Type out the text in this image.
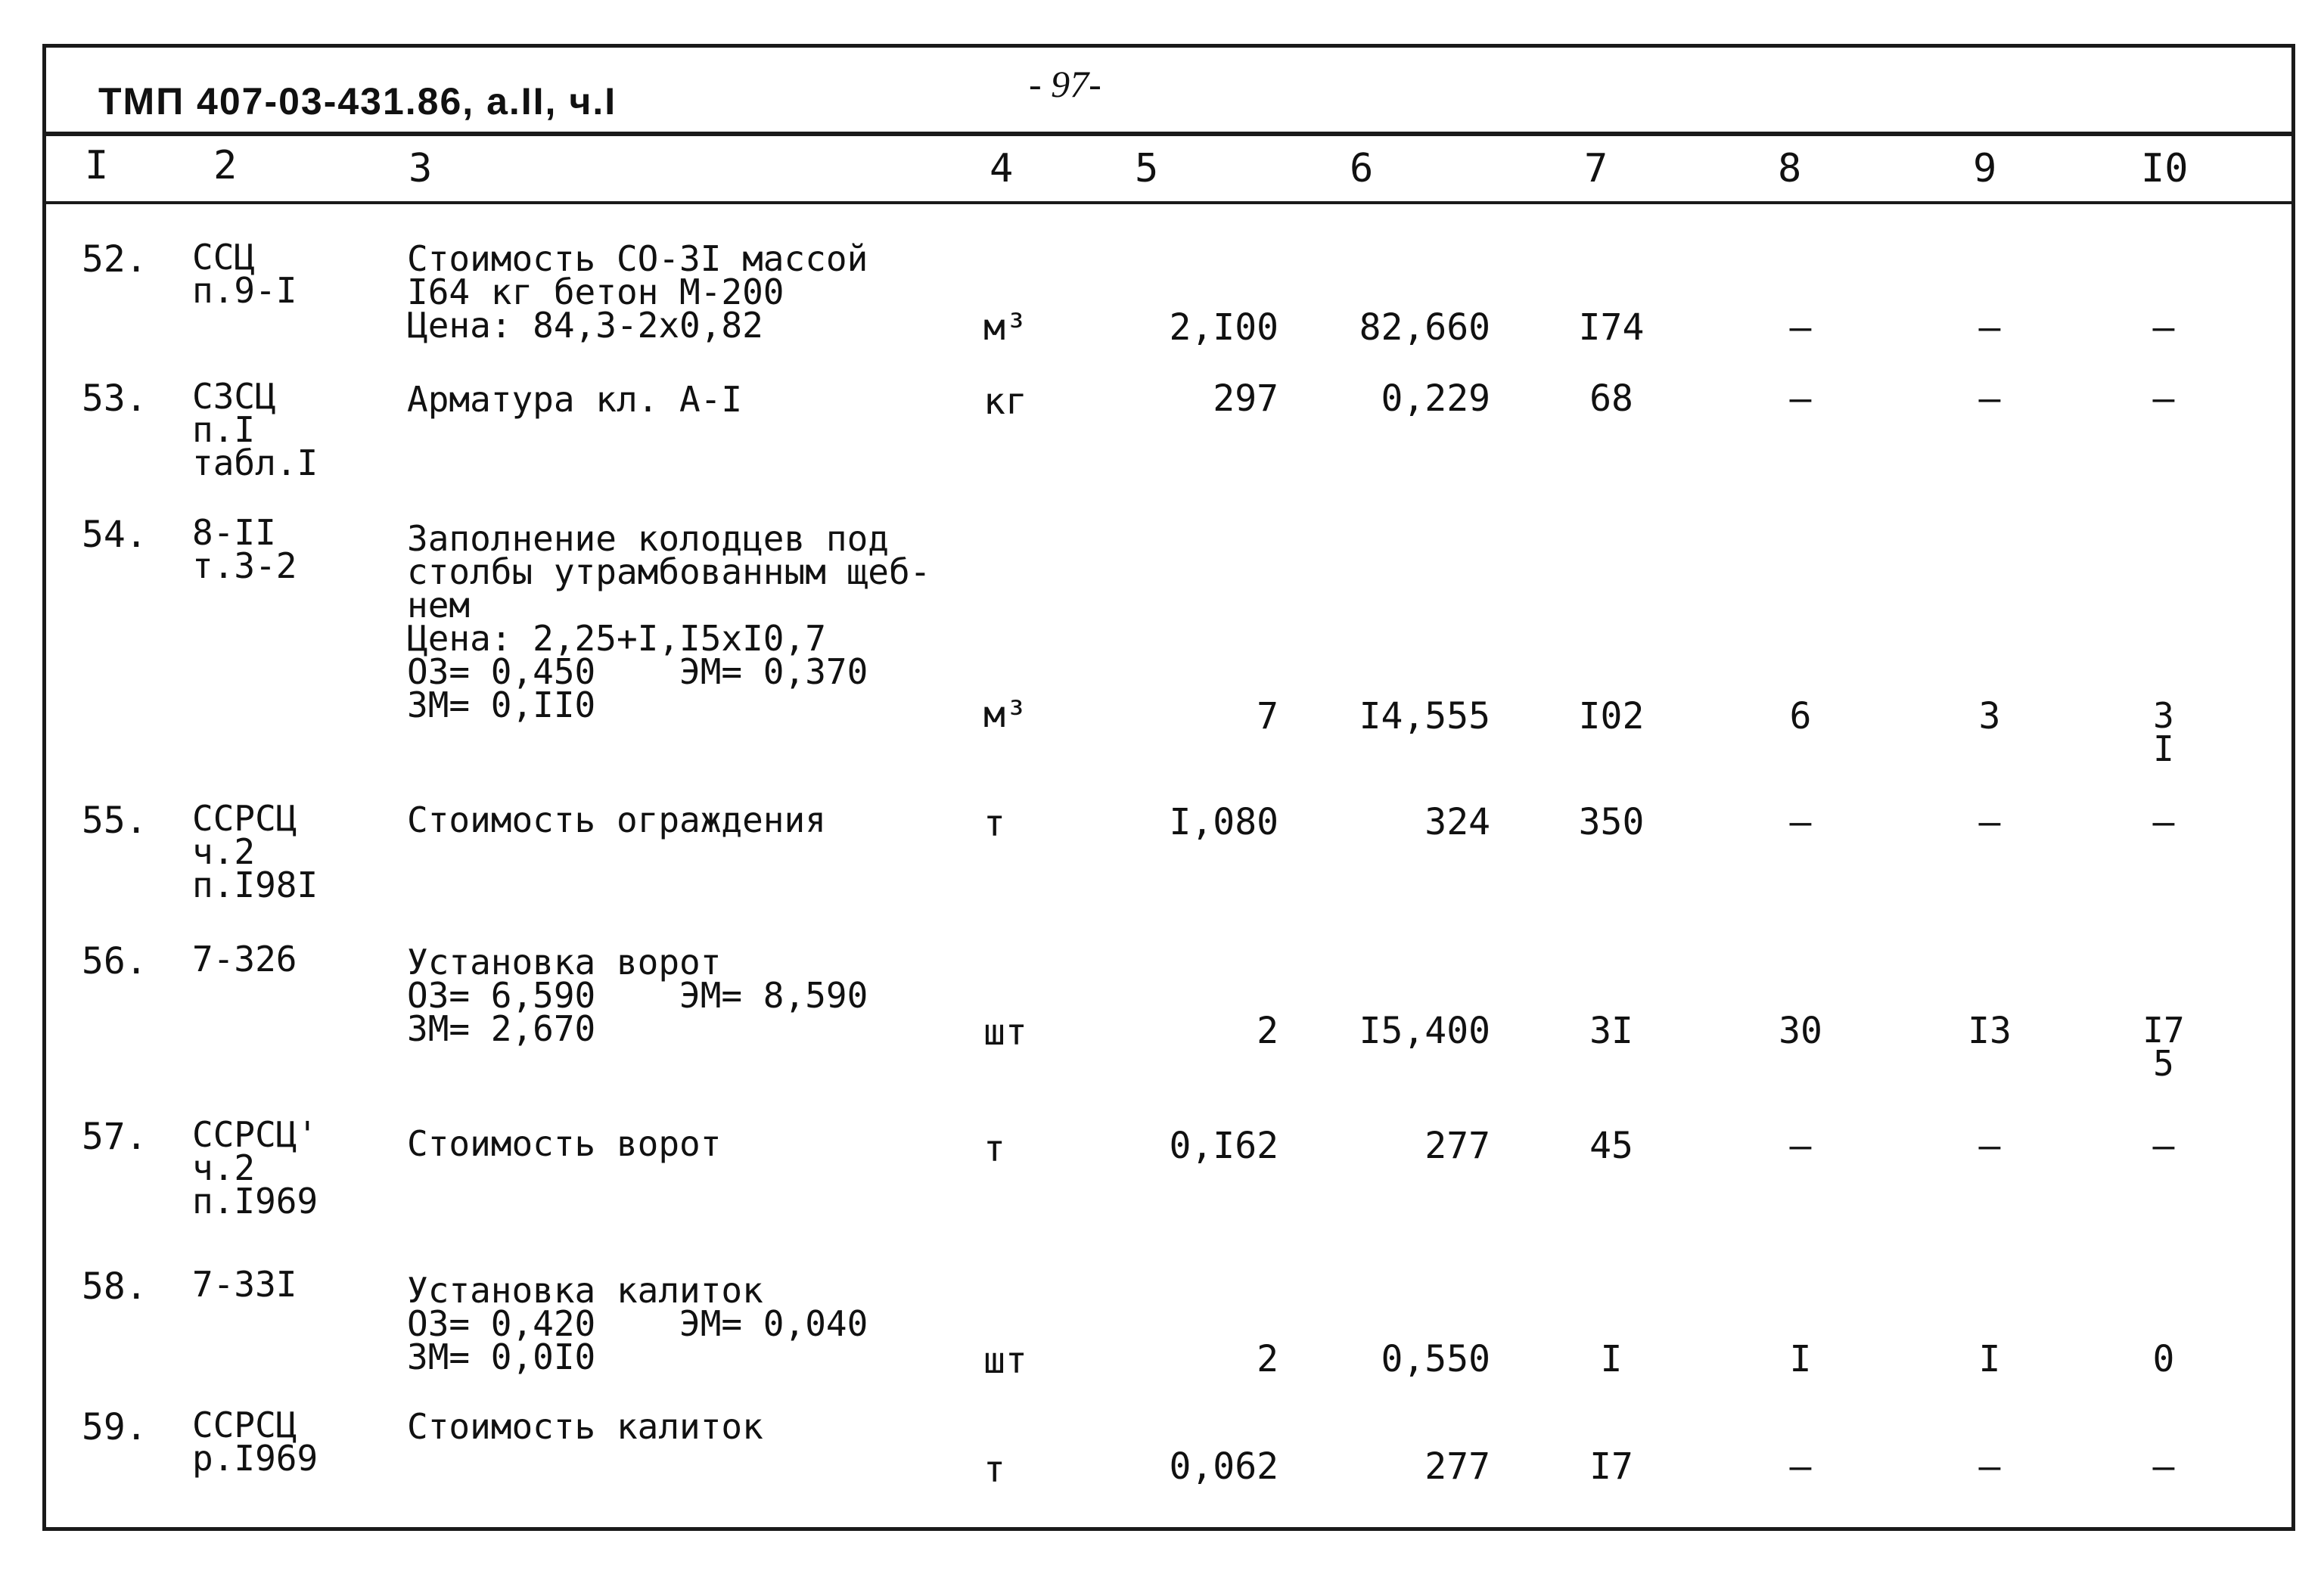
ТМП 407-03-431.86, а.II, ч.I	- 97-
I	2	3	4	5	6	7	8	9	I0
52. ССЦ
п.9-I
Стоимость СО-3I массой
I64 кг бетон М-200
Цена: 84,3-2х0,82	м³	2,I00	82,660	I74	–	–	–
53. СЗСЦ
п.I
табл.I
Арматура кл. А-I	кг	297	0,229	68	–	–	–
54. 8-II
т.3-2
Заполнение колодцев под
столбы утрамбованным щеб-
нем
Цена: 2,25+I,I5хI0,7
ОЗ= 0,450    ЭМ= 0,370
ЗМ= 0,II0	м³	7	I4,555	I02	6	3	3
I
55. ССРСЦ
ч.2
п.I98I
Стоимость ограждения	т	I,080	324	350	–	–	–
56. 7-326	Установка ворот
ОЗ= 6,590    ЭМ= 8,590
ЗМ= 2,670	шт	2	I5,400	3I	30	I3	I7
5
57. ССРСЦ'
ч.2
п.I969
Стоимость ворот	т	0,I62	277	45	–	–	–
58. 7-33I	Установка калиток
ОЗ= 0,420    ЭМ= 0,040
ЗМ= 0,0I0	шт	2	0,550	I	I	I	0
59. ССРСЦ
р.I969
Стоимость калиток
т	0,062	277	I7	–	–	–
